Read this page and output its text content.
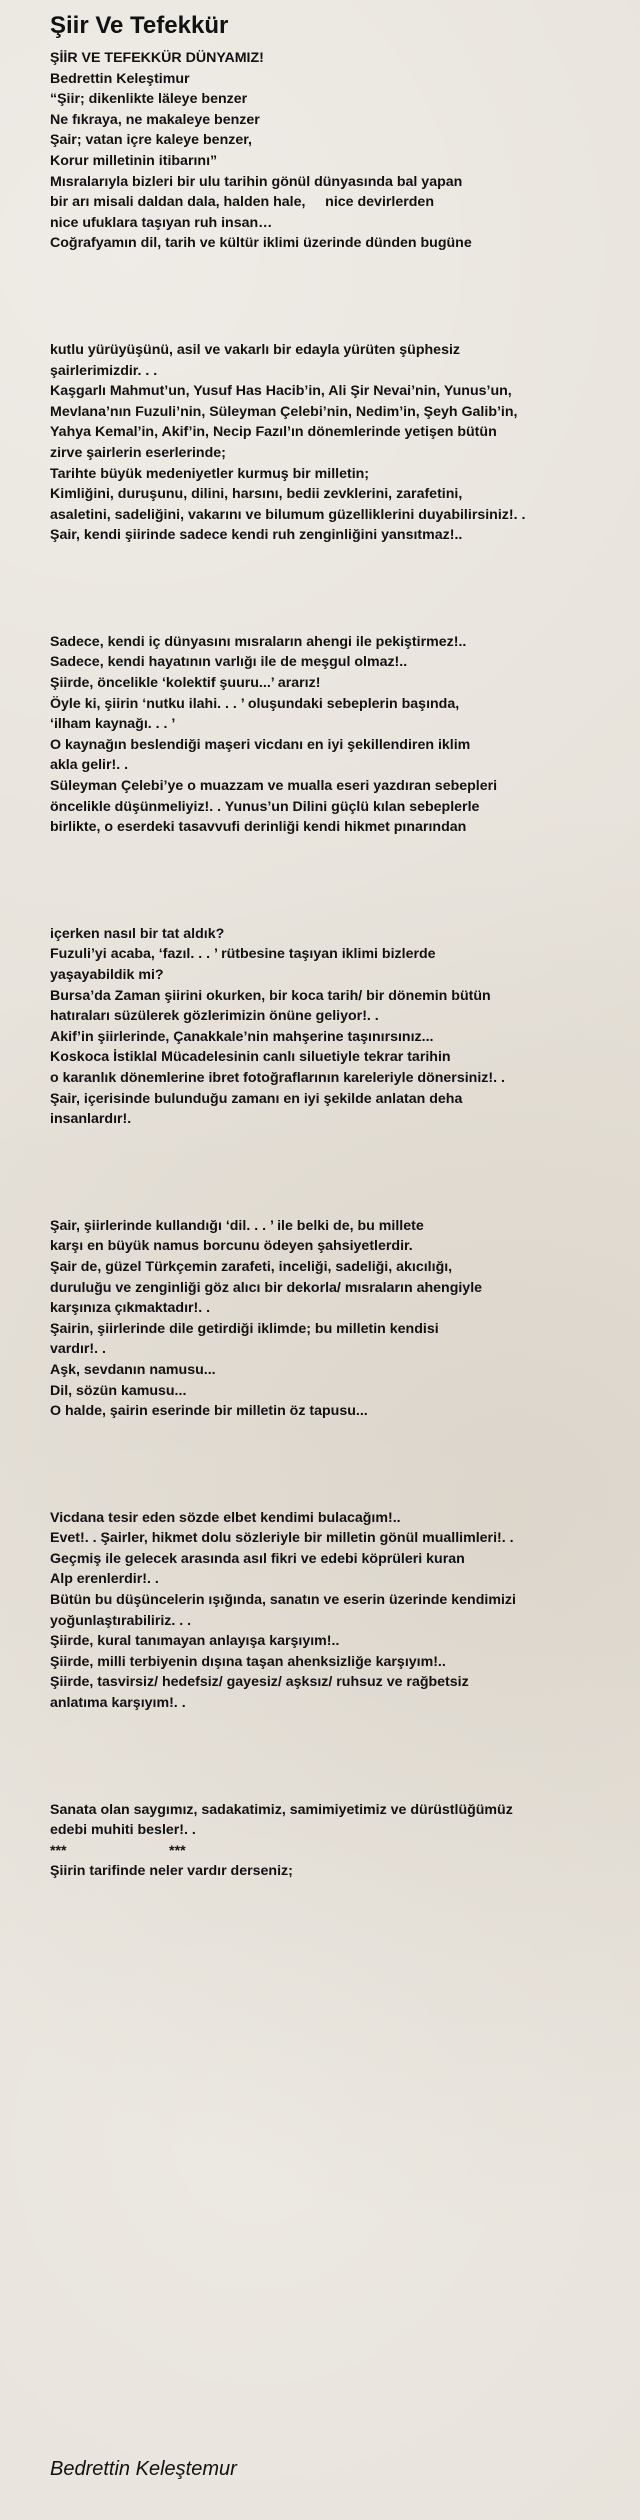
Şiir Ve Tefekkür
ŞİİR VE TEFEKKÜR DÜNYAMIZ!
Bedrettin Keleştimur
“Şiir; dikenlikte läleye benzer
Ne fıkraya, ne makaleye benzer
Şair; vatan içre kaleye benzer,
Korur milletinin itibarını”
Mısralarıyla bizleri bir ulu tarihin gönül dünyasında bal yapan
bir arı misali daldan dala, halden hale,     nice devirlerden
nice ufuklara taşıyan ruh insan…
Coğrafyamın dil, tarih ve kültür iklimi üzerinde dünden bugüne
kutlu yürüyüşünü, asil ve vakarlı bir edayla yürüten şüphesiz
şairlerimizdir. . .
Kaşgarlı Mahmut’un, Yusuf Has Hacib’in, Ali Şir Nevai’nin, Yunus’un,
Mevlana’nın Fuzuli’nin, Süleyman Çelebi’nin, Nedim’in, Şeyh Galib’in,
Yahya Kemal’in, Akif’in, Necip Fazıl’ın dönemlerinde yetişen bütün
zirve şairlerin eserlerinde;
Tarihte büyük medeniyetler kurmuş bir milletin;
Kimliğini, duruşunu, dilini, harsını, bedii zevklerini, zarafetini,
asaletini, sadeliğini, vakarını ve bilumum güzelliklerini duyabilirsiniz!. .
Şair, kendi şiirinde sadece kendi ruh zenginliğini yansıtmaz!..
Sadece, kendi iç dünyasını mısraların ahengi ile pekiştirmez!..
Sadece, kendi hayatının varlığı ile de meşgul olmaz!..
Şiirde, öncelikle ‘kolektif şuuru...’ ararız!
Öyle ki, şiirin ‘nutku ilahi. . . ’ oluşundaki sebeplerin başında,
‘ilham kaynağı. . . ’
O kaynağın beslendiği maşeri vicdanı en iyi şekillendiren iklim
akla gelir!. .
Süleyman Çelebi’ye o muazzam ve mualla eseri yazdıran sebepleri
öncelikle düşünmeliyiz!. . Yunus’un Dilini güçlü kılan sebeplerle
birlikte, o eserdeki tasavvufi derinliği kendi hikmet pınarından
içerken nasıl bir tat aldık?
Fuzuli’yi acaba, ‘fazıl. . . ’ rütbesine taşıyan iklimi bizlerde
yaşayabildik mi?
Bursa’da Zaman şiirini okurken, bir koca tarih/ bir dönemin bütün
hatıraları süzülerek gözlerimizin önüne geliyor!. .
Akif’in şiirlerinde, Çanakkale’nin mahşerine taşınırsınız...
Koskoca İstiklal Mücadelesinin canlı siluetiyle tekrar tarihin
o karanlık dönemlerine ibret fotoğraflarının kareleriyle dönersiniz!. .
Şair, içerisinde bulunduğu zamanı en iyi şekilde anlatan deha
insanlardır!.
Şair, şiirlerinde kullandığı ‘dil. . . ’ ile belki de, bu millete
karşı en büyük namus borcunu ödeyen şahsiyetlerdir.
Şair de, güzel Türkçemin zarafeti, inceliği, sadeliği, akıcılığı,
duruluğu ve zenginliği göz alıcı bir dekorla/ mısraların ahengiyle
karşınıza çıkmaktadır!. .
Şairin, şiirlerinde dile getirdiği iklimde; bu milletin kendisi
vardır!. .
Aşk, sevdanın namusu...
Dil, sözün kamusu...
O halde, şairin eserinde bir milletin öz tapusu...
Vicdana tesir eden sözde elbet kendimi bulacağım!..
Evet!. . Şairler, hikmet dolu sözleriyle bir milletin gönül muallimleri!. .
Geçmiş ile gelecek arasında asıl fikri ve edebi köprüleri kuran
Alp erenlerdir!. .
Bütün bu düşüncelerin ışığında, sanatın ve eserin üzerinde kendimizi
yoğunlaştırabiliriz. . .
Şiirde, kural tanımayan anlayışa karşıyım!..
Şiirde, milli terbiyenin dışına taşan ahenksizliğe karşıyım!..
Şiirde, tasvirsiz/ hedefsiz/ gayesiz/ aşksız/ ruhsuz ve rağbetsiz
anlatıma karşıyım!. .
Sanata olan saygımız, sadakatimiz, samimiyetimiz ve dürüstlüğümüz
edebi muhiti besler!. .
***                          ***
Şiirin tarifinde neler vardır derseniz;
Bedrettin Keleştemur
